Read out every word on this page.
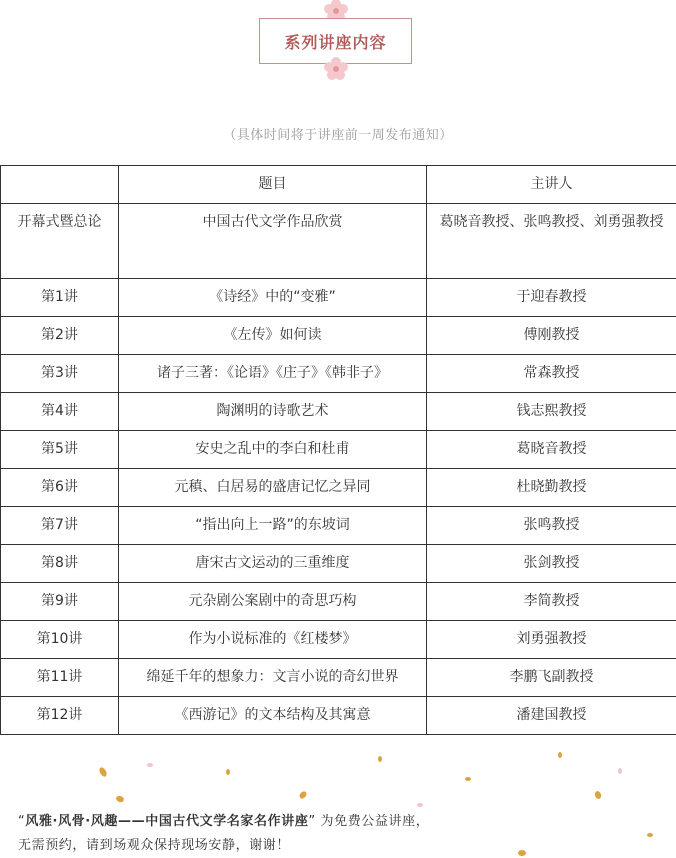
系列讲座内容
（具体时间将于讲座前一周发布通知）
	题目	主讲人
开幕式暨总论	中国古代文学作品欣赏	葛晓音教授、张鸣教授、刘勇强教授
第1讲	《诗经》中的“变雅”	于迎春教授
第2讲	《左传》如何读	傅刚教授
第3讲	诸子三著：《论语》《庄子》《韩非子》	常森教授
第4讲	陶渊明的诗歌艺术	钱志熙教授
第5讲	安史之乱中的李白和杜甫	葛晓音教授
第6讲	元稹、白居易的盛唐记忆之异同	杜晓勤教授
第7讲	“指出向上一路”的东坡词	张鸣教授
第8讲	唐宋古文运动的三重维度	张剑教授
第9讲	元杂剧公案剧中的奇思巧构	李简教授
第10讲	作为小说标准的《红楼梦》	刘勇强教授
第11讲	绵延千年的想象力：文言小说的奇幻世界	李鹏飞副教授
第12讲	《西游记》的文本结构及其寓意	潘建国教授
“风雅·风骨·风趣——中国古代文学名家名作讲座” 为免费公益讲座，
无需预约，请到场观众保持现场安静，谢谢！
